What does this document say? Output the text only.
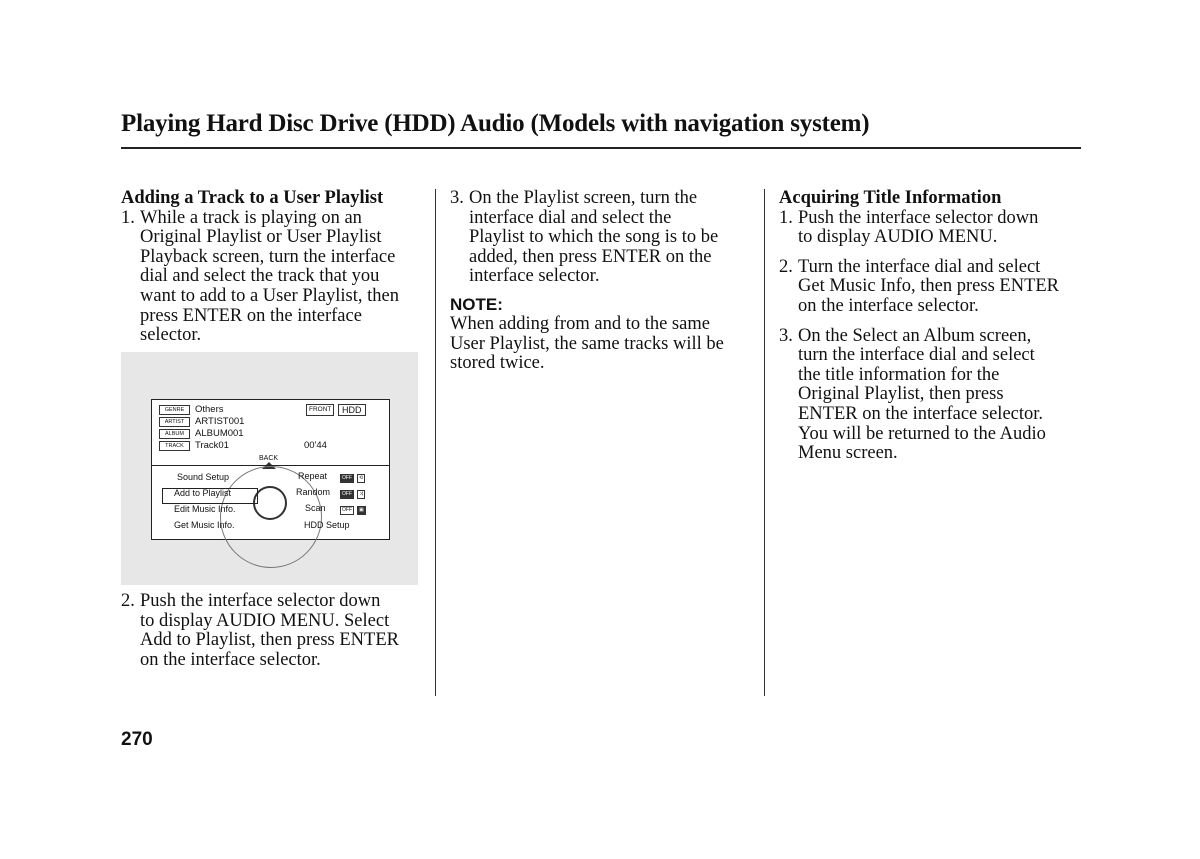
Playing Hard Disc Drive (HDD) Audio (Models with navigation system)
Adding a Track to a User Playlist
1. While a track is playing on an
Original Playlist or User Playlist
Playback screen, turn the interface
dial and select the track that you
want to add to a User Playlist, then
press ENTER on the interface
selector.
GENRE	Others
ARTIST	ARTIST001
ALBUM	ALBUM001
TRACK	Track01
FRONT	HDD
00'44
BACK
Sound Setup
Add to Playlist
Edit Music Info.
Get Music Info.
Repeat	OFF	⟲
Random	OFF	⤨
Scan	OFF	▣
HDD Setup
2. Push the interface selector down
to display AUDIO MENU. Select
Add to Playlist, then press ENTER
on the interface selector.
3. On the Playlist screen, turn the
interface dial and select the
Playlist to which the song is to be
added, then press ENTER on the
interface selector.
NOTE:
When adding from and to the same
User Playlist, the same tracks will be
stored twice.
Acquiring Title Information
1. Push the interface selector down
to display AUDIO MENU.
2. Turn the interface dial and select
Get Music Info, then press ENTER
on the interface selector.
3. On the Select an Album screen,
turn the interface dial and select
the title information for the
Original Playlist, then press
ENTER on the interface selector.
You will be returned to the Audio
Menu screen.
270
